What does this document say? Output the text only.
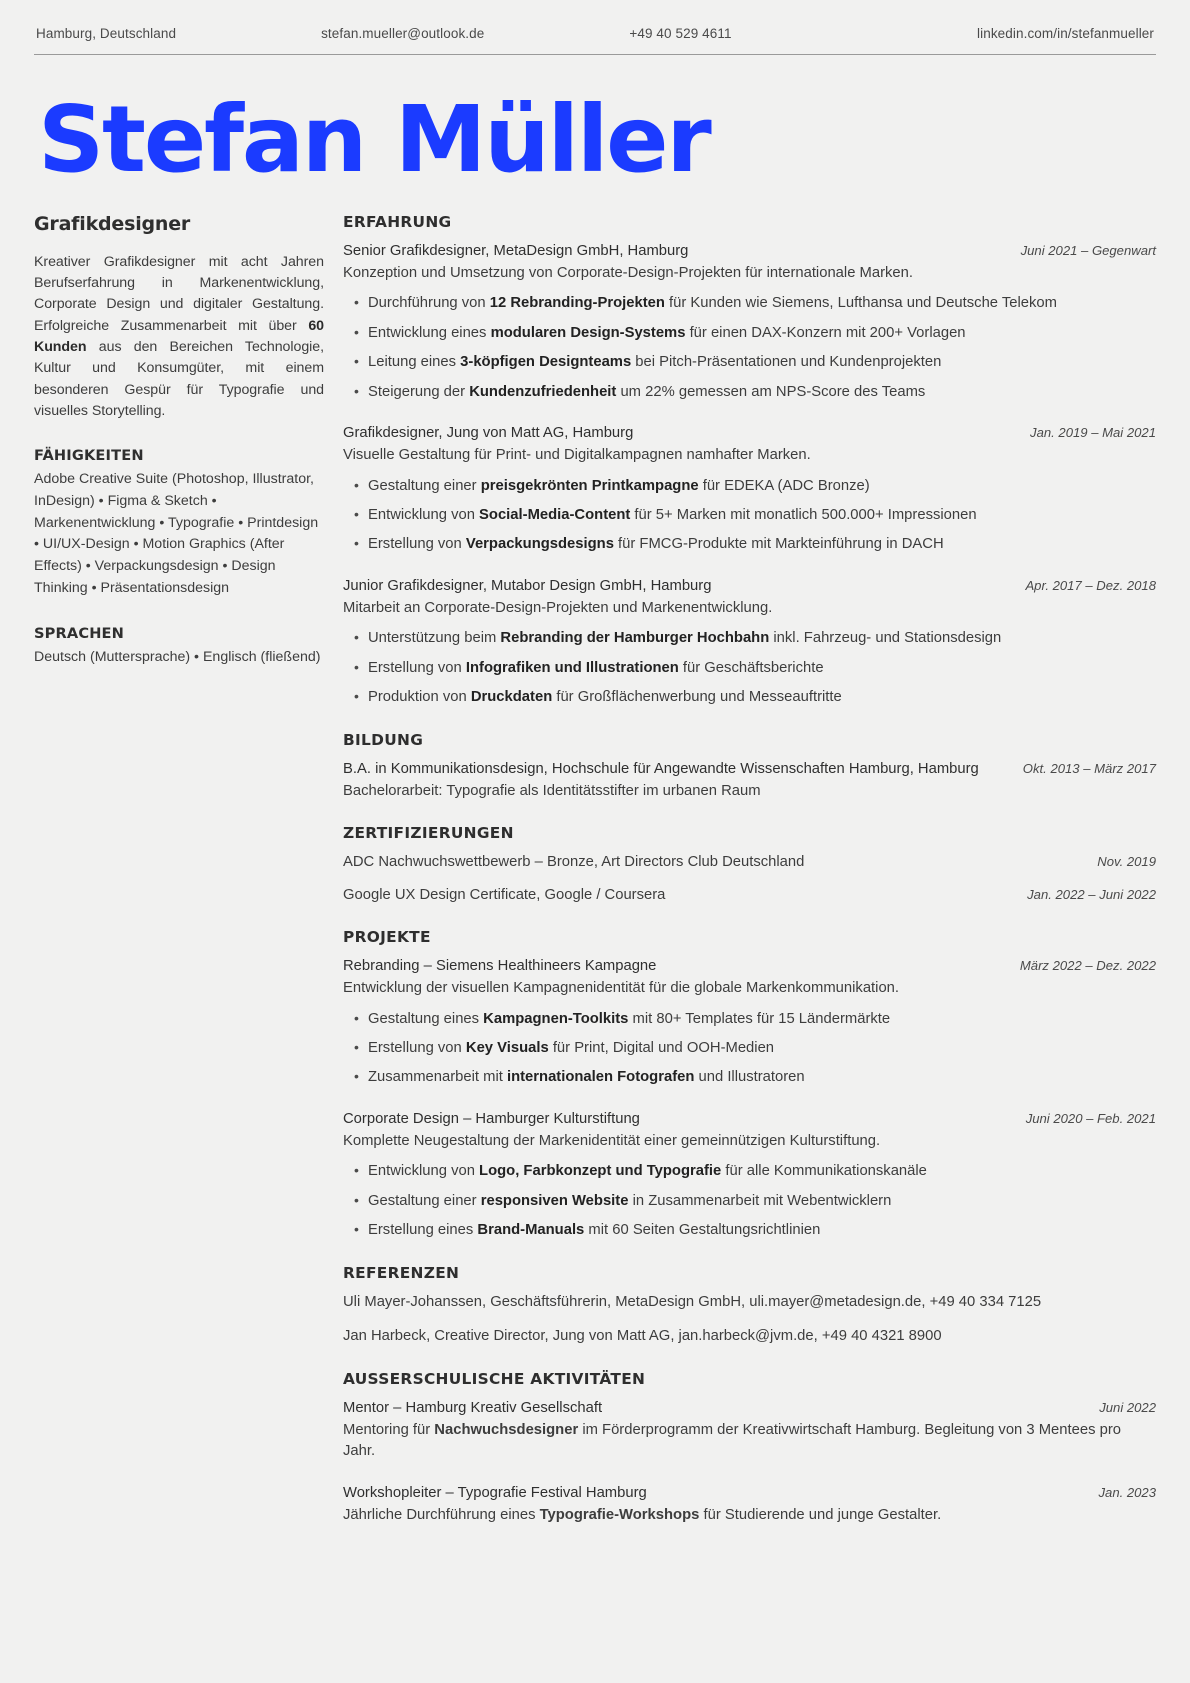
Hamburg, Deutschland	stefan.mueller@outlook.de	+49 40 529 4611	linkedin.com/in/stefanmueller
Stefan Müller
Grafikdesigner

Kreativer Grafikdesigner mit acht Jahren Berufserfahrung in Markenentwicklung, Corporate Design und digitaler Gestaltung. Erfolgreiche Zusammenarbeit mit über 60 Kunden aus den Bereichen Technologie, Kultur und Konsumgüter, mit einem besonderen Gespür für Typografie und visuelles Storytelling.

FÄHIGKEITEN
Adobe Creative Suite (Photoshop, Illustrator, InDesign) • Figma & Sketch • Markenentwicklung • Typografie • Printdesign • UI/UX-Design • Motion Graphics (After Effects) • Verpackungsdesign • Design Thinking • Präsentationsdesign
SPRACHEN
Deutsch (Muttersprache) • Englisch (fließend)
ERFAHRUNG
Senior Grafikdesigner, MetaDesign GmbH, Hamburg	Juni 2021 – Gegenwart
Konzeption und Umsetzung von Corporate-Design-Projekten für internationale Marken.
• Durchführung von 12 Rebranding-Projekten für Kunden wie Siemens, Lufthansa und Deutsche Telekom
• Entwicklung eines modularen Design-Systems für einen DAX-Konzern mit 200+ Vorlagen
• Leitung eines 3-köpfigen Designteams bei Pitch-Präsentationen und Kundenprojekten
• Steigerung der Kundenzufriedenheit um 22% gemessen am NPS-Score des Teams
Grafikdesigner, Jung von Matt AG, Hamburg	Jan. 2019 – Mai 2021
Visuelle Gestaltung für Print- und Digitalkampagnen namhafter Marken.
• Gestaltung einer preisgekrönten Printkampagne für EDEKA (ADC Bronze)
• Entwicklung von Social-Media-Content für 5+ Marken mit monatlich 500.000+ Impressionen
• Erstellung von Verpackungsdesigns für FMCG-Produkte mit Markteinführung in DACH
Junior Grafikdesigner, Mutabor Design GmbH, Hamburg	Apr. 2017 – Dez. 2018
Mitarbeit an Corporate-Design-Projekten und Markenentwicklung.
• Unterstützung beim Rebranding der Hamburger Hochbahn inkl. Fahrzeug- und Stationsdesign
• Erstellung von Infografiken und Illustrationen für Geschäftsberichte
• Produktion von Druckdaten für Großflächenwerbung und Messeauftritte
BILDUNG
B.A. in Kommunikationsdesign, Hochschule für Angewandte Wissenschaften Hamburg, Hamburg	Okt. 2013 – März 2017
Bachelorarbeit: Typografie als Identitätsstifter im urbanen Raum
ZERTIFIZIERUNGEN
ADC Nachwuchswettbewerb – Bronze, Art Directors Club Deutschland	Nov. 2019
Google UX Design Certificate, Google / Coursera	Jan. 2022 – Juni 2022
PROJEKTE
Rebranding – Siemens Healthineers Kampagne	März 2022 – Dez. 2022
Entwicklung der visuellen Kampagnenidentität für die globale Markenkommunikation.
• Gestaltung eines Kampagnen-Toolkits mit 80+ Templates für 15 Ländermärkte
• Erstellung von Key Visuals für Print, Digital und OOH-Medien
• Zusammenarbeit mit internationalen Fotografen und Illustratoren
Corporate Design – Hamburger Kulturstiftung	Juni 2020 – Feb. 2021
Komplette Neugestaltung der Markenidentität einer gemeinnützigen Kulturstiftung.
• Entwicklung von Logo, Farbkonzept und Typografie für alle Kommunikationskanäle
• Gestaltung einer responsiven Website in Zusammenarbeit mit Webentwicklern
• Erstellung eines Brand-Manuals mit 60 Seiten Gestaltungsrichtlinien
REFERENZEN
Uli Mayer-Johanssen, Geschäftsführerin, MetaDesign GmbH, uli.mayer@metadesign.de, +49 40 334 7125
Jan Harbeck, Creative Director, Jung von Matt AG, jan.harbeck@jvm.de, +49 40 4321 8900
AUSSERSCHULISCHE AKTIVITÄTEN
Mentor – Hamburg Kreativ Gesellschaft	Juni 2022
Mentoring für Nachwuchsdesigner im Förderprogramm der Kreativwirtschaft Hamburg. Begleitung von 3 Mentees pro Jahr.
Workshopleiter – Typografie Festival Hamburg	Jan. 2023
Jährliche Durchführung eines Typografie-Workshops für Studierende und junge Gestalter.
